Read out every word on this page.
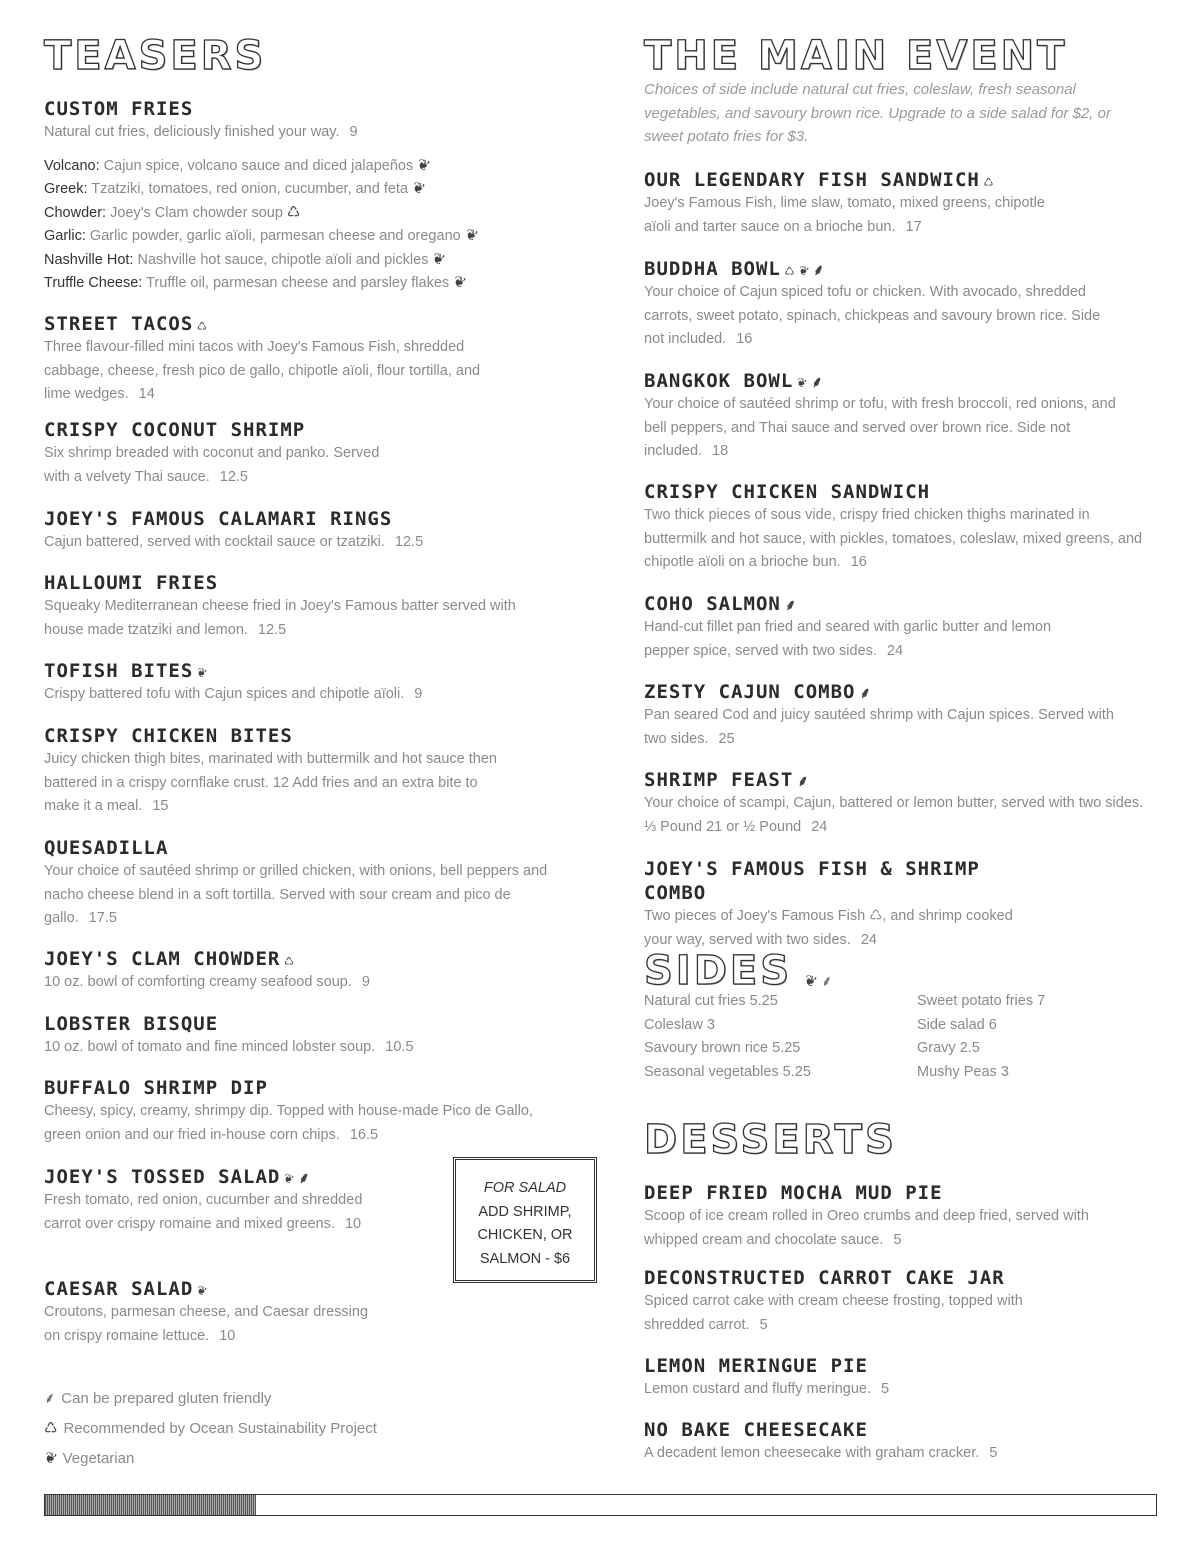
TEASERS
CUSTOM FRIES
Natural cut fries, deliciously finished your way. 9
Volcano: Cajun spice, volcano sauce and diced jalapeños❦
Greek: Tzatziki, tomatoes, red onion, cucumber, and feta❦
Chowder: Joey's Clam chowder soup ♺
Garlic: Garlic powder, garlic aïoli, parmesan cheese and oregano❦
Nashville Hot: Nashville hot sauce, chipotle aïoli and pickles❦
Truffle Cheese: Truffle oil, parmesan cheese and parsley flakes❦
STREET TACOS ♺
Three flavour-filled mini tacos with Joey's Famous Fish, shredded cabbage, cheese, fresh pico de gallo, chipotle aïoli, flour tortilla, and lime wedges. 14
CRISPY COCONUT SHRIMP
Six shrimp breaded with coconut and panko. Served with a velvety Thai sauce. 12.5
JOEY'S FAMOUS CALAMARI RINGS
Cajun battered, served with cocktail sauce or tzatziki. 12.5
HALLOUMI FRIES
Squeaky Mediterranean cheese fried in Joey's Famous batter served with house made tzatziki and lemon. 12.5
TOFISH BITES❦
Crispy battered tofu with Cajun spices and chipotle aïoli. 9
CRISPY CHICKEN BITES
Juicy chicken thigh bites, marinated with buttermilk and hot sauce then battered in a crispy cornflake crust. 12 Add fries and an extra bite to make it a meal. 15
QUESADILLA
Your choice of sautéed shrimp or grilled chicken, with onions, bell peppers and nacho cheese blend in a soft tortilla. Served with sour cream and pico de gallo. 17.5
JOEY'S CLAM CHOWDER ♺
10 oz. bowl of comforting creamy seafood soup. 9
LOBSTER BISQUE
10 oz. bowl of tomato and fine minced lobster soup. 10.5
BUFFALO SHRIMP DIP
Cheesy, spicy, creamy, shrimpy dip. Topped with house-made Pico de Gallo, green onion and our fried in-house corn chips. 16.5
JOEY'S TOSSED SALAD❦⸙
Fresh tomato, red onion, cucumber and shredded carrot over crispy romaine and mixed greens. 10
CAESAR SALAD❦
Croutons, parmesan cheese, and Caesar dressing on crispy romaine lettuce. 10
FOR SALAD
ADD SHRIMP,
CHICKEN, OR
SALMON - $6
⸙ Can be prepared gluten friendly
♺ Recommended by Ocean Sustainability Project
❦ Vegetarian
THE MAIN EVENT
Choices of side include natural cut fries, coleslaw, fresh seasonal vegetables, and savoury brown rice. Upgrade to a side salad for $2, or sweet potato fries for $3.
OUR LEGENDARY FISH SANDWICH ♺
Joey's Famous Fish, lime slaw, tomato, mixed greens, chipotle aïoli and tarter sauce on a brioche bun. 17
BUDDHA BOWL ♺❦⸙
Your choice of Cajun spiced tofu or chicken. With avocado, shredded carrots, sweet potato, spinach, chickpeas and savoury brown rice. Side not included. 16
BANGKOK BOWL❦⸙
Your choice of sautéed shrimp or tofu, with fresh broccoli, red onions, and bell peppers, and Thai sauce and served over brown rice. Side not included. 18
CRISPY CHICKEN SANDWICH
Two thick pieces of sous vide, crispy fried chicken thighs marinated in buttermilk and hot sauce, with pickles, tomatoes, coleslaw, mixed greens, and chipotle aïoli on a brioche bun. 16
COHO SALMON ⸙
Hand-cut fillet pan fried and seared with garlic butter and lemon pepper spice, served with two sides. 24
ZESTY CAJUN COMBO ⸙
Pan seared Cod and juicy sautéed shrimp with Cajun spices. Served with two sides. 25
SHRIMP FEAST ⸙
Your choice of scampi, Cajun, battered or lemon butter, served with two sides. ⅓ Pound 21 or ½ Pound 24
JOEY'S FAMOUS FISH & SHRIMP COMBO
Two pieces of Joey's Famous Fish ♺, and shrimp cooked your way, served with two sides. 24
SIDES ❦⸙
Natural cut fries 5.25	Sweet potato fries 7
Coleslaw 3	Side salad 6
Savoury brown rice 5.25	Gravy 2.5
Seasonal vegetables 5.25	Mushy Peas 3
DESSERTS
DEEP FRIED MOCHA MUD PIE
Scoop of ice cream rolled in Oreo crumbs and deep fried, served with whipped cream and chocolate sauce. 5
DECONSTRUCTED CARROT CAKE JAR
Spiced carrot cake with cream cheese frosting, topped with shredded carrot. 5
LEMON MERINGUE PIE
Lemon custard and fluffy meringue. 5
NO BAKE CHEESECAKE
A decadent lemon cheesecake with graham cracker. 5
